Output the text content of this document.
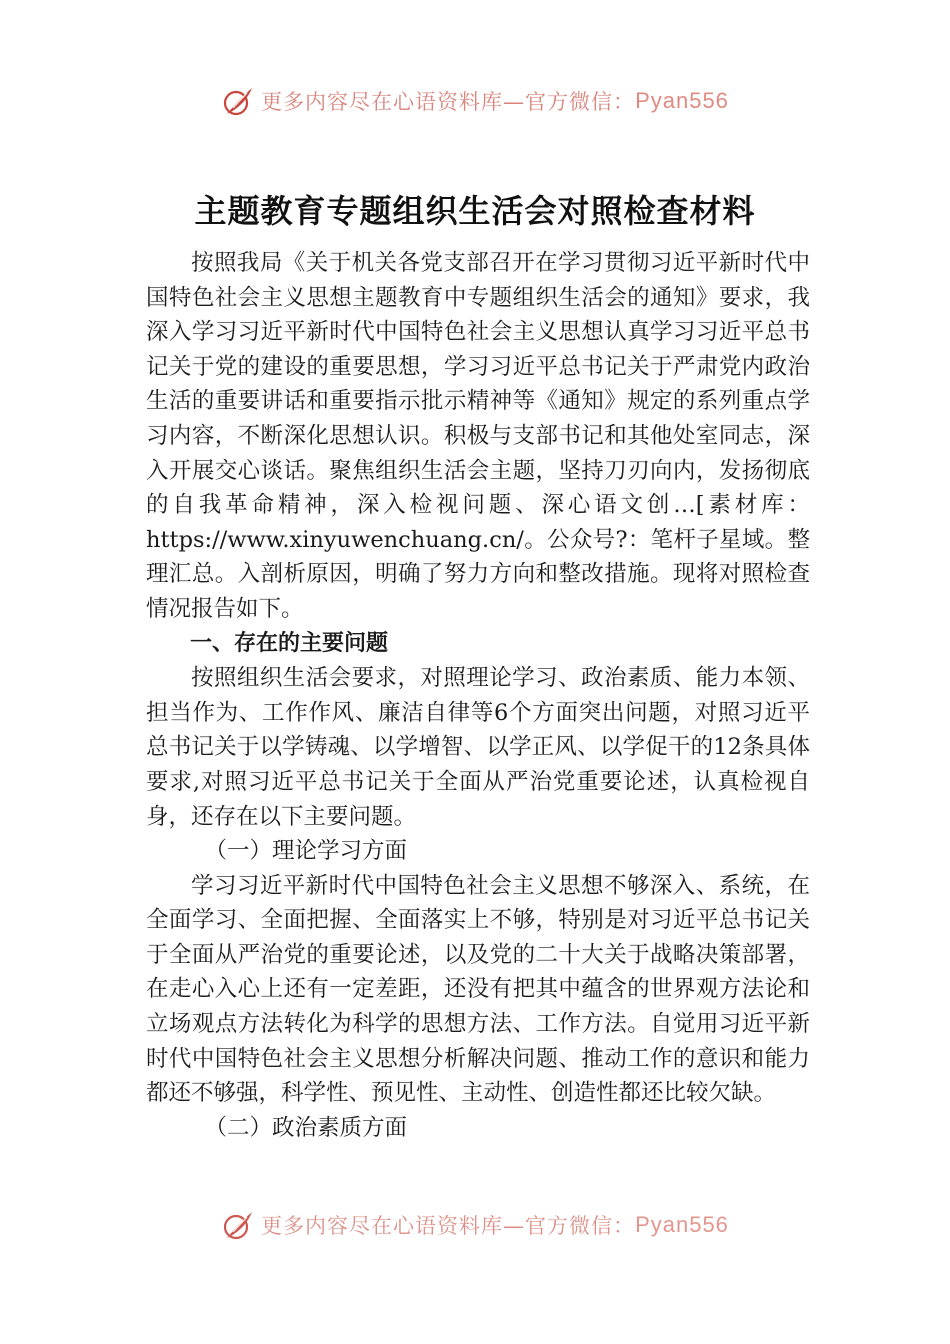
更多内容尽在心语资料库—官方微信： Pyan556
主题教育专题组织生活会对照检查材料

按照我局《关于机关各党支部召开在学习贯彻习近平新时代中国特色社会主义思想主题教育中专题组织生活会的通知》要求，我深入学习习近平新时代中国特色社会主义思想认真学习习近平总书记关于党的建设的重要思想，学习习近平总书记关于严肃党内政治生活的重要讲话和重要指示批示精神等《通知》规定的系列重点学习内容，不断深化思想认识。积极与支部书记和其他处室同志，深入开展交心谈话。聚焦组织生活会主题，坚持刀刃向内，发扬彻底的自我革命精神，深入检视问题、深心语文创…[素材库：https://www.xinyuwenchuang.cn/。公众号?：笔杆子星域。整理汇总。入剖析原因，明确了努力方向和整改措施。现将对照检查情况报告如下。

一、存在的主要问题

按照组织生活会要求，对照理论学习、政治素质、能力本领、担当作为、工作作风、廉洁自律等6个方面突出问题，对照习近平总书记关于以学铸魂、以学增智、以学正风、以学促干的12条具体要求,对照习近平总书记关于全面从严治党重要论述，认真检视自身，还存在以下主要问题。

（一）理论学习方面

学习习近平新时代中国特色社会主义思想不够深入、系统，在全面学习、全面把握、全面落实上不够，特别是对习近平总书记关于全面从严治党的重要论述，以及党的二十大关于战略决策部署，在走心入心上还有一定差距，还没有把其中蕴含的世界观方法论和立场观点方法转化为科学的思想方法、工作方法。自觉用习近平新时代中国特色社会主义思想分析解决问题、推动工作的意识和能力都还不够强，科学性、预见性、主动性、创造性都还比较欠缺。

（二）政治素质方面

更多内容尽在心语资料库—官方微信： Pyan556
